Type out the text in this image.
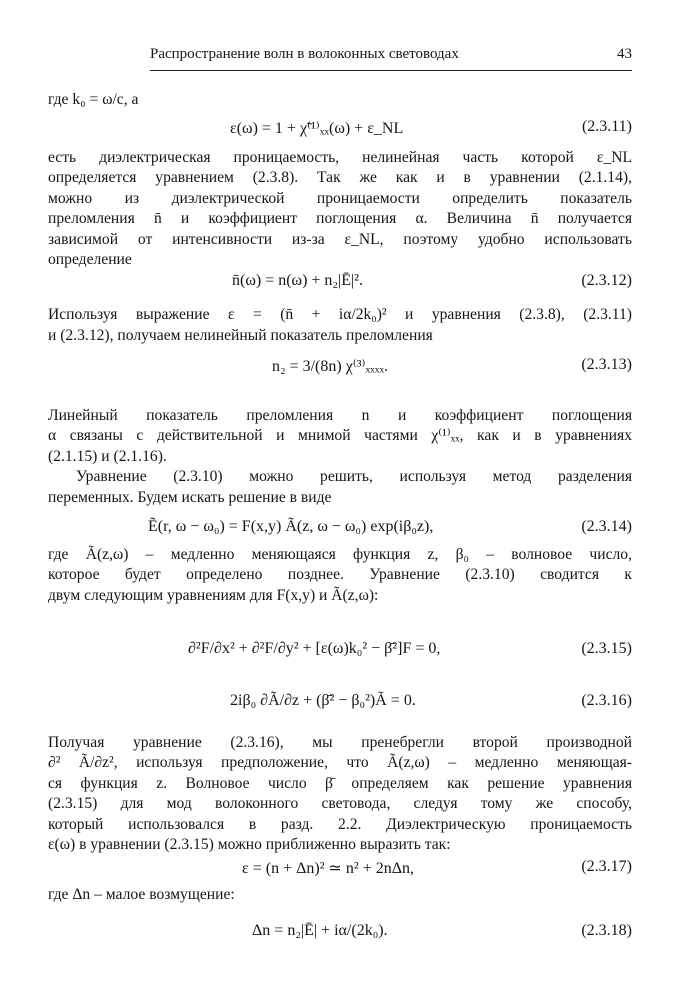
Распространение волн в волоконных световодах	43
где k₀ = ω/c, а
есть диэлектрическая проницаемость, нелинейная часть которой ε_NL
определяется уравнением (2.3.8). Так же как и в уравнении (2.1.14),
можно из диэлектрической проницаемости определить показатель
преломления n̄ и коэффициент поглощения α. Величина n̄ получается
зависимой от интенсивности из-за ε_NL, поэтому удобно использовать
определение
Используя выражение ε = (n̄ + iα/2k₀)² и уравнения (2.3.8), (2.3.11)
и (2.3.12), получаем нелинейный показатель преломления
Линейный показатель преломления n и коэффициент поглощения
α связаны с действительной и мнимой частями χ⁽¹⁾ₓₓ, как и в уравнениях
(2.1.15) и (2.1.16).
Уравнение (2.3.10) можно решить, используя метод разделения
переменных. Будем искать решение в виде
где Ã(z,ω) – медленно меняющаяся функция z, β₀ – волновое число,
которое будет определено позднее. Уравнение (2.3.10) сводится к
двум следующим уравнениям для F(x,y) и Ã(z,ω):
Получая уравнение (2.3.16), мы пренебрегли второй производной
∂² Ã/∂z², используя предположение, что Ã(z,ω) – медленно меняющая-
ся функция z. Волновое число β̄ определяем как решение уравнения
(2.3.15) для мод волоконного световода, следуя тому же способу,
который использовался в разд. 2.2. Диэлектрическую проницаемость
ε(ω) в уравнении (2.3.15) можно приближенно выразить так:
где Δn – малое возмущение:
ε(ω) = 1 + χ̃⁽¹⁾ₓₓ(ω) + ε_NL	(2.3.11)
n̄(ω) = n(ω) + n₂|Ē|².	(2.3.12)
n₂ = 3/(8n) χ⁽³⁾ₓₓₓₓ.	(2.3.13)
Ẽ(r, ω − ω₀) = F(x,y) Ã(z, ω − ω₀) exp(iβ₀z),	(2.3.14)
∂²F/∂x² + ∂²F/∂y² + [ε(ω)k₀² − β̄²]F = 0,	(2.3.15)
2iβ₀ ∂Ã/∂z + (β̄² − β₀²)Ã = 0.	(2.3.16)
ε = (n + Δn)² ≃ n² + 2nΔn,	(2.3.17)
Δn = n₂|Ē| + iα/(2k₀).	(2.3.18)
